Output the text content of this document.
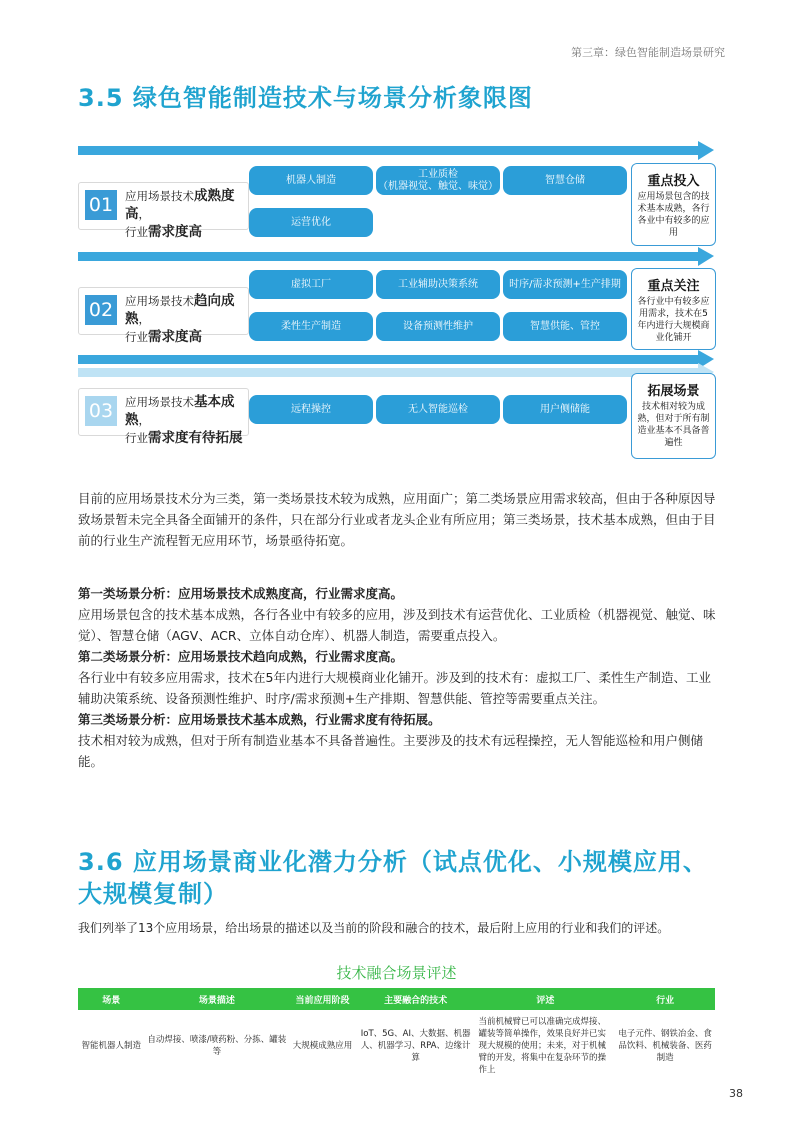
第三章：绿色智能制造场景研究
3.5 绿色智能制造技术与场景分析象限图
01	应用场景技术成熟度高，
行业需求度高
机器人制造
工业质检
（机器视觉、触觉、味觉）
智慧仓储
运营优化
重点投入
应用场景包含的技术基本成熟，各行各业中有较多的应用
02	应用场景技术趋向成熟，
行业需求度高
虚拟工厂	工业辅助决策系统	时序/需求预测+生产排期
柔性生产制造	设备预测性维护	智慧供能、管控
重点关注
各行业中有较多应用需求，技术在5年内进行大规模商业化铺开
03	应用场景技术基本成熟，
行业需求度有待拓展
远程操控	无人智能巡检	用户侧储能
拓展场景
技术相对较为成熟，但对于所有制造业基本不具备普遍性
目前的应用场景技术分为三类，第一类场景技术较为成熟，应用面广；第二类场景应用需求较高，但由于各种原因导致场景暂未完全具备全面铺开的条件，只在部分行业或者龙头企业有所应用；第三类场景，技术基本成熟，但由于目前的行业生产流程暂无应用环节，场景亟待拓宽。
第一类场景分析：应用场景技术成熟度高，行业需求度高。
应用场景包含的技术基本成熟，各行各业中有较多的应用，涉及到技术有运营优化、工业质检（机器视觉、触觉、味觉）、智慧仓储（AGV、ACR、立体自动仓库）、机器人制造，需要重点投入。
第二类场景分析：应用场景技术趋向成熟，行业需求度高。
各行业中有较多应用需求，技术在5年内进行大规模商业化铺开。涉及到的技术有：虚拟工厂、柔性生产制造、工业辅助决策系统、设备预测性维护、时序/需求预测+生产排期、智慧供能、管控等需要重点关注。
第三类场景分析：应用场景技术基本成熟，行业需求度有待拓展。
技术相对较为成熟，但对于所有制造业基本不具备普遍性。主要涉及的技术有远程操控，无人智能巡检和用户侧储能。
3.6 应用场景商业化潜力分析（试点优化、小规模应用、大规模复制）
我们列举了13个应用场景，给出场景的描述以及当前的阶段和融合的技术，最后附上应用的行业和我们的评述。
技术融合场景评述
场景	场景描述	当前应用阶段	主要融合的技术	评述	行业
智能机器人制造	自动焊接、喷漆/喷药粉、分拣、罐装等	大规模成熟应用	IoT、5G、AI、大数据、机器人、机器学习、RPA、边缘计算	当前机械臂已可以准确完成焊接、罐装等简单操作，效果良好并已实现大规模的使用；未来，对于机械臂的开发，将集中在复杂环节的操作上	电子元件、钢铁冶金、食品饮料、机械装备、医药制造
38
